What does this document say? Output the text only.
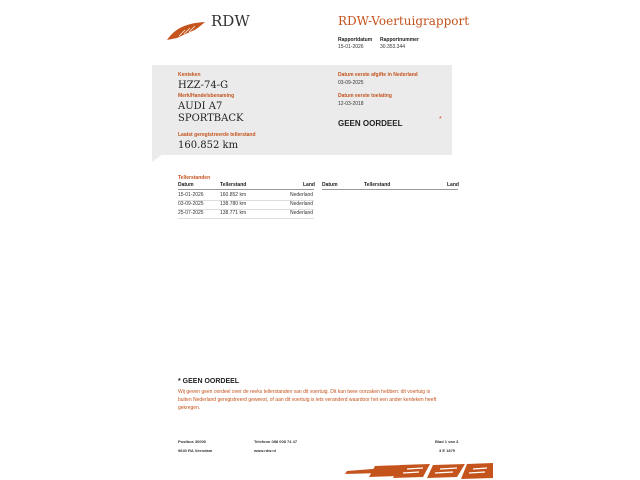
RDW	RDW-Voertuigrapport
Rapportdatum
15-01-2026
Rapportnummer
30.353.344
Kenteken
HZZ-74-G
Merk/Handelsbenaming
AUDI A7
SPORTBACK
Laatst geregistreerde tellerstand
160.852 km
Datum eerste afgifte in Nederland
03-09-2025
Datum eerste toelating
12-03-2018
GEEN OORDEEL	*
Tellerstanden
Datum	Tellerstand	Land Datum	Tellerstand	Land
15-01-2026	160.852 km	Nederland
03-09-2025	138.780 km	Nederland
25-07-2025	138.771 km	Nederland
* GEEN OORDEEL
Wij geven geen oordeel over de reeks tellerstanden van dit voertuig. Dit kan twee oorzaken hebben: dit voertuig is buiten Nederland geregistreerd geweest, of aan dit voertuig is iets veranderd waardoor het een ander kenteken heeft gekregen.
Postbus 30000
9640 RA Veendam
Telefoon 088 008 74 47
www.rdw.nl
Blad 1 van 3
3 E 1879
